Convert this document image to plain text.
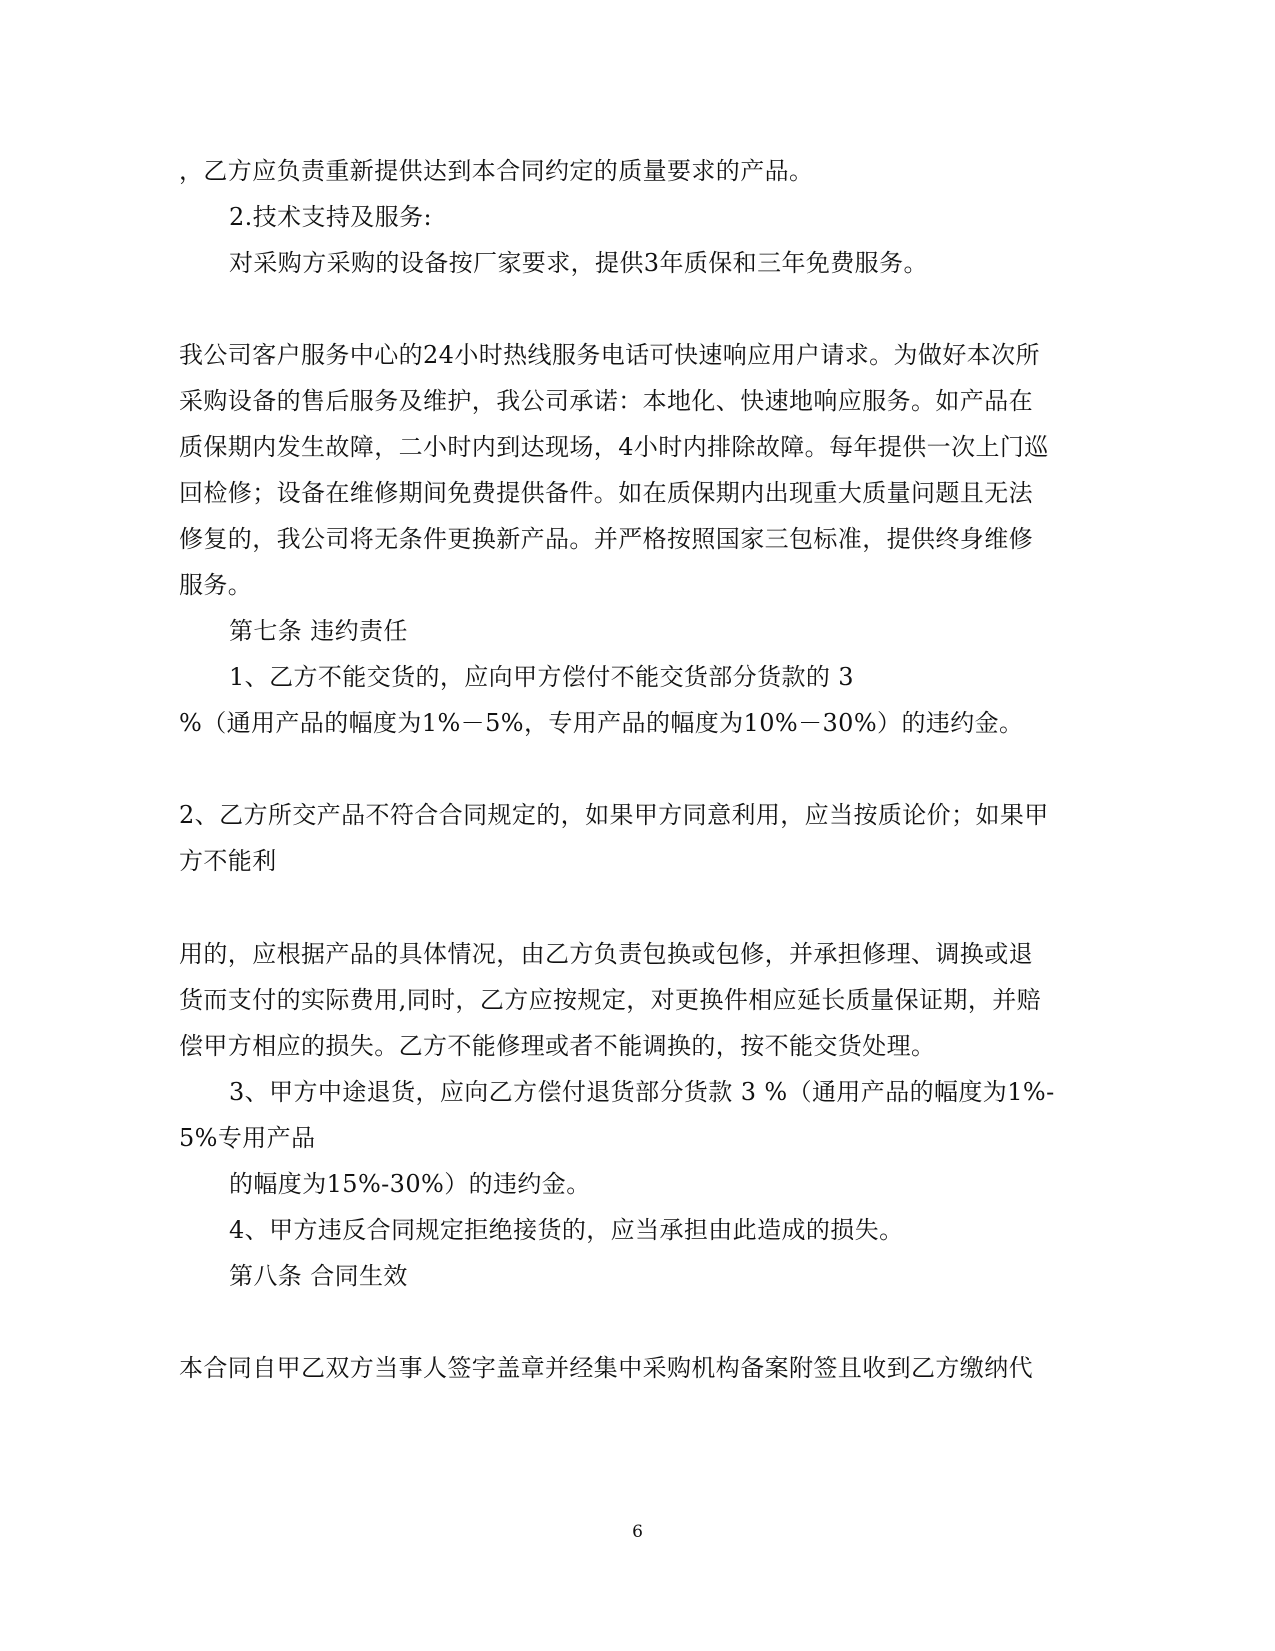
，乙方应负责重新提供达到本合同约定的质量要求的产品。
2.技术支持及服务:
对采购方采购的设备按厂家要求，提供3年质保和三年免费服务。
我公司客户服务中心的24小时热线服务电话可快速响应用户请求。为做好本次所
采购设备的售后服务及维护，我公司承诺：本地化、快速地响应服务。如产品在
质保期内发生故障，二小时内到达现场，4小时内排除故障。每年提供一次上门巡
回检修；设备在维修期间免费提供备件。如在质保期内出现重大质量问题且无法
修复的，我公司将无条件更换新产品。并严格按照国家三包标准，提供终身维修
服务。
第七条 违约责任
1、乙方不能交货的，应向甲方偿付不能交货部分货款的 3
%（通用产品的幅度为1%－5%，专用产品的幅度为10%－30%）的违约金。
2、乙方所交产品不符合合同规定的，如果甲方同意利用，应当按质论价；如果甲
方不能利
用的，应根据产品的具体情况，由乙方负责包换或包修，并承担修理、调换或退
货而支付的实际费用,同时，乙方应按规定，对更换件相应延长质量保证期，并赔
偿甲方相应的损失。乙方不能修理或者不能调换的，按不能交货处理。
3、甲方中途退货，应向乙方偿付退货部分货款 3 %（通用产品的幅度为1%-
5%专用产品
的幅度为15%-30%）的违约金。
4、甲方违反合同规定拒绝接货的，应当承担由此造成的损失。
第八条 合同生效
本合同自甲乙双方当事人签字盖章并经集中采购机构备案附签且收到乙方缴纳代
6
